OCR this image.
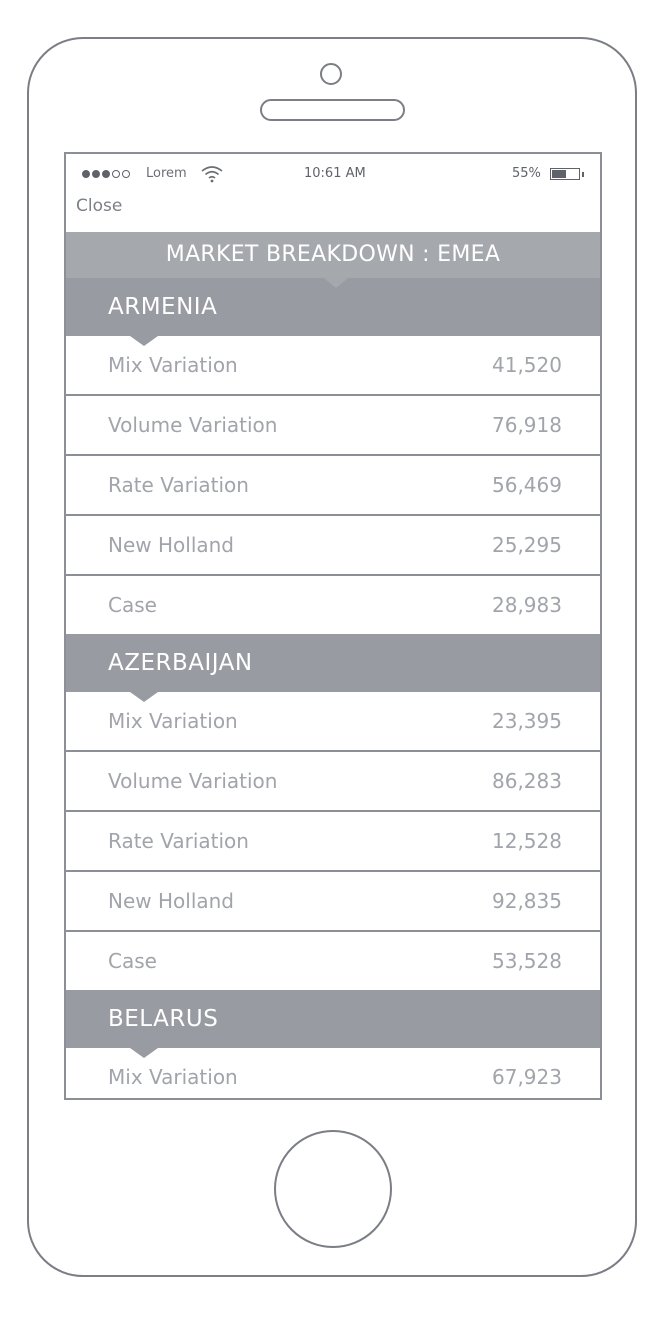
Lorem	10:61 AM	55%
Close
MARKET BREAKDOWN : EMEA
ARMENIA
Mix Variation	41,520
Volume Variation	76,918
Rate Variation	56,469
New Holland	25,295
Case	28,983
AZERBAIJAN
Mix Variation	23,395
Volume Variation	86,283
Rate Variation	12,528
New Holland	92,835
Case	53,528
BELARUS
Mix Variation	67,923
